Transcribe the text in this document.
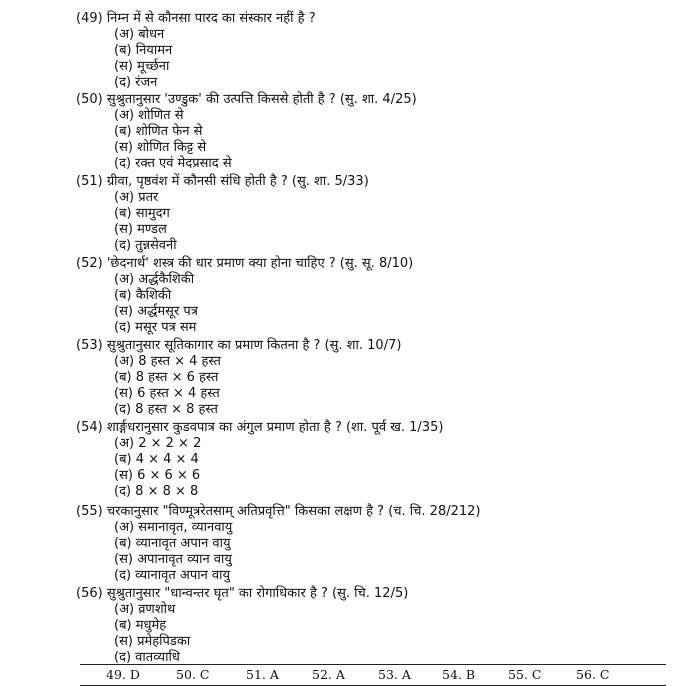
(49) निम्न में से कौनसा पारद का संस्कार नहीं है ?
(अ) बोधन
(ब) नियामन
(स) मूर्च्छना
(द) रंजन
(50) सुश्रुतानुसार 'उण्डुक' की उत्पत्ति किससे होती है ? (सु. शा. 4/25)
(अ) शोणित से
(ब) शोणित फेन से
(स) शोणित किट्ट से
(द) रक्त एवं मेदप्रसाद से
(51) ग्रीवा, पृष्ठवंश में कौनसी संधि होती है ? (सु. शा. 5/33)
(अ) प्रतर
(ब) सामुदग
(स) मण्डल
(द) तुन्नसेवनी
(52) 'छेदनार्थ' शस्त्र की धार प्रमाण क्या होना चाहिए ? (सु. सू. 8/10)
(अ) अर्द्धकैशिकी
(ब) कैशिकी
(स) अर्द्धमसूर पत्र
(द) मसूर पत्र सम
(53) सुश्रुतानुसार सूतिकागार का प्रमाण कितना है ? (सु. शा. 10/7)
(अ) 8 हस्त × 4 हस्त
(ब) 8 हस्त × 6 हस्त
(स) 6 हस्त × 4 हस्त
(द) 8 हस्त × 8 हस्त
(54) शार्ङ्गधरानुसार कुडवपात्र का अंगुल प्रमाण होता है ? (शा. पूर्व ख. 1/35)
(अ) 2 × 2 × 2
(ब) 4 × 4 × 4
(स) 6 × 6 × 6
(द) 8 × 8 × 8
(55) चरकानुसार "विण्मूत्ररेतसाम् अतिप्रवृत्ति" किसका लक्षण है ? (च. चि. 28/212)
(अ) समानावृत, व्यानवायु
(ब) व्यानावृत अपान वायु
(स) अपानावृत व्यान वायु
(द) व्यानावृत अपान वायु
(56) सुश्रुतानुसार "धान्वन्तर घृत" का रोगाधिकार है ? (सु. चि. 12/5)
(अ) व्रणशोथ
(ब) मधुमेह
(स) प्रमेहपिडका
(द) वातव्याधि
49. D	50. C	51. A	52. A	53. A 54. B	55. C	56. C
